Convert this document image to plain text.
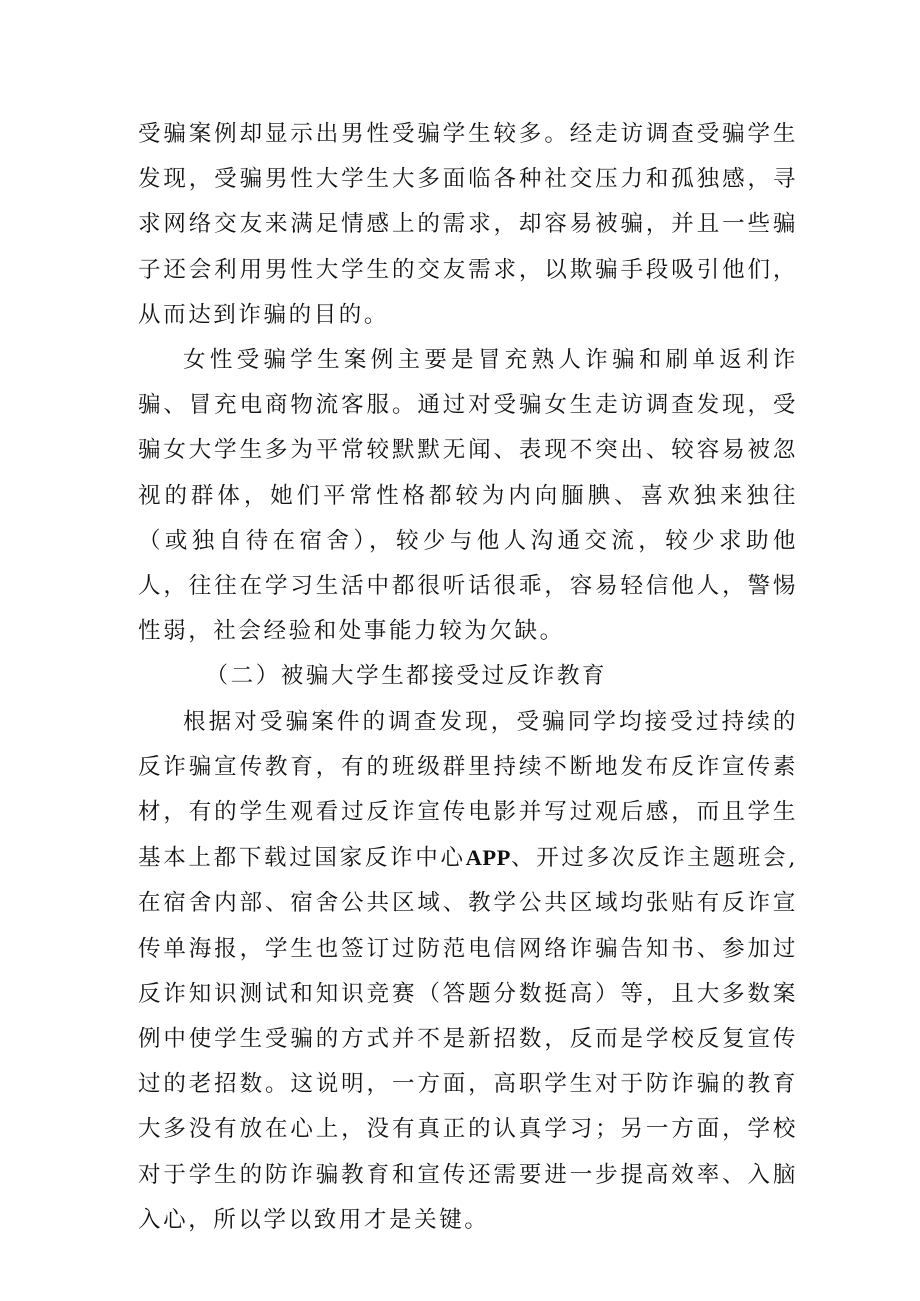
受骗案例却显示出男性受骗学生较多。经走访调查受骗学生发现，受骗男性大学生大多面临各种社交压力和孤独感，寻求网络交友来满足情感上的需求，却容易被骗，并且一些骗子还会利用男性大学生的交友需求，以欺骗手段吸引他们，从而达到诈骗的目的。

女性受骗学生案例主要是冒充熟人诈骗和刷单返利诈骗、冒充电商物流客服。通过对受骗女生走访调查发现，受骗女大学生多为平常较默默无闻、表现不突出、较容易被忽视的群体，她们平常性格都较为内向腼腆、喜欢独来独往（或独自待在宿舍），较少与他人沟通交流，较少求助他人，往往在学习生活中都很听话很乖，容易轻信他人，警惕性弱，社会经验和处事能力较为欠缺。

（二）被骗大学生都接受过反诈教育

根据对受骗案件的调查发现，受骗同学均接受过持续的反诈骗宣传教育，有的班级群里持续不断地发布反诈宣传素材，有的学生观看过反诈宣传电影并写过观后感，而且学生基本上都下载过国家反诈中心APP、开过多次反诈主题班会,在宿舍内部、宿舍公共区域、教学公共区域均张贴有反诈宣传单海报，学生也签订过防范电信网络诈骗告知书、参加过反诈知识测试和知识竞赛（答题分数挺高）等，且大多数案例中使学生受骗的方式并不是新招数，反而是学校反复宣传过的老招数。这说明，一方面，高职学生对于防诈骗的教育大多没有放在心上，没有真正的认真学习；另一方面，学校对于学生的防诈骗教育和宣传还需要进一步提高效率、入脑入心，所以学以致用才是关键。
